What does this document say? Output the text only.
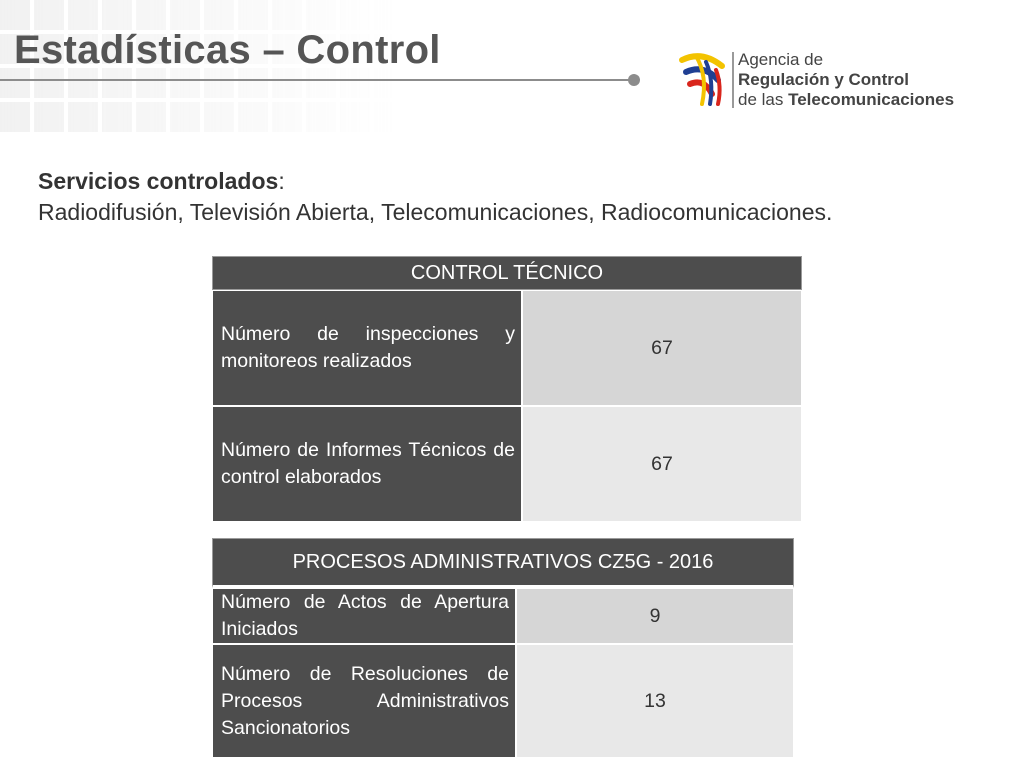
Estadísticas – Control	Agencia de
Regulación y Control
de las Telecomunicaciones
Servicios controlados:
Radiodifusión, Televisión Abierta, Telecomunicaciones, Radiocomunicaciones.
CONTROL TÉCNICO	
Número de inspecciones y monitoreos realizados	67
Número de Informes Técnicos de control elaborados	67
PROCESOS ADMINISTRATIVOS CZ5G - 2016	
Número de Actos de Apertura Iniciados	9
Número de Resoluciones de Procesos Administrativos Sancionatorios	13
